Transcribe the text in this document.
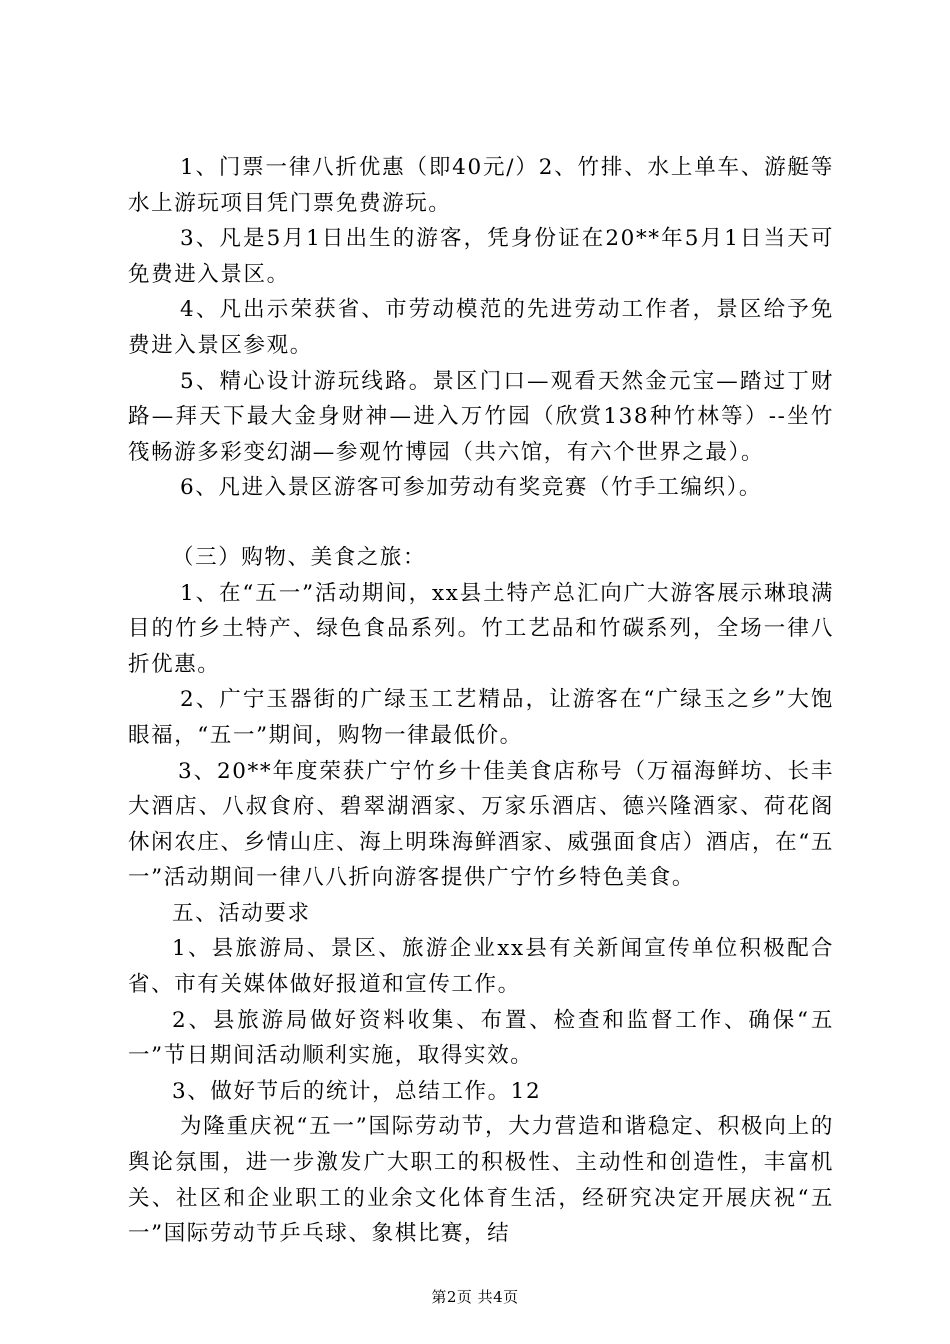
1、门票一律八折优惠（即40元/）2、竹排、水上单车、游艇等水上游玩项目凭门票免费游玩。

3、凡是5月1日出生的游客，凭身份证在20**年5月1日当天可免费进入景区。

4、凡出示荣获省、市劳动模范的先进劳动工作者，景区给予免费进入景区参观。

5、精心设计游玩线路。景区门口—观看天然金元宝—踏过丁财路—拜天下最大金身财神—进入万竹园（欣赏138种竹林等）--坐竹筏畅游多彩变幻湖—参观竹博园（共六馆，有六个世界之最）。

6、凡进入景区游客可参加劳动有奖竞赛（竹手工编织）。

（三）购物、美食之旅：

1、在“五一”活动期间，xx县土特产总汇向广大游客展示琳琅满目的竹乡土特产、绿色食品系列。竹工艺品和竹碳系列，全场一律八折优惠。

2、广宁玉器街的广绿玉工艺精品，让游客在“广绿玉之乡”大饱眼福，“五一”期间，购物一律最低价。

3、20**年度荣获广宁竹乡十佳美食店称号（万福海鲜坊、长丰大酒店、八叔食府、碧翠湖酒家、万家乐酒店、德兴隆酒家、荷花阁休闲农庄、乡情山庄、海上明珠海鲜酒家、威强面食店）酒店，在“五一”活动期间一律八八折向游客提供广宁竹乡特色美食。

五、活动要求

1、县旅游局、景区、旅游企业xx县有关新闻宣传单位积极配合省、市有关媒体做好报道和宣传工作。

2、县旅游局做好资料收集、布置、检查和监督工作、确保“五一”节日期间活动顺利实施，取得实效。

3、做好节后的统计，总结工作。12

为隆重庆祝“五一”国际劳动节，大力营造和谐稳定、积极向上的舆论氛围，进一步激发广大职工的积极性、主动性和创造性，丰富机关、社区和企业职工的业余文化体育生活，经研究决定开展庆祝“五一”国际劳动节乒乓球、象棋比赛，结

第2页 共4页
